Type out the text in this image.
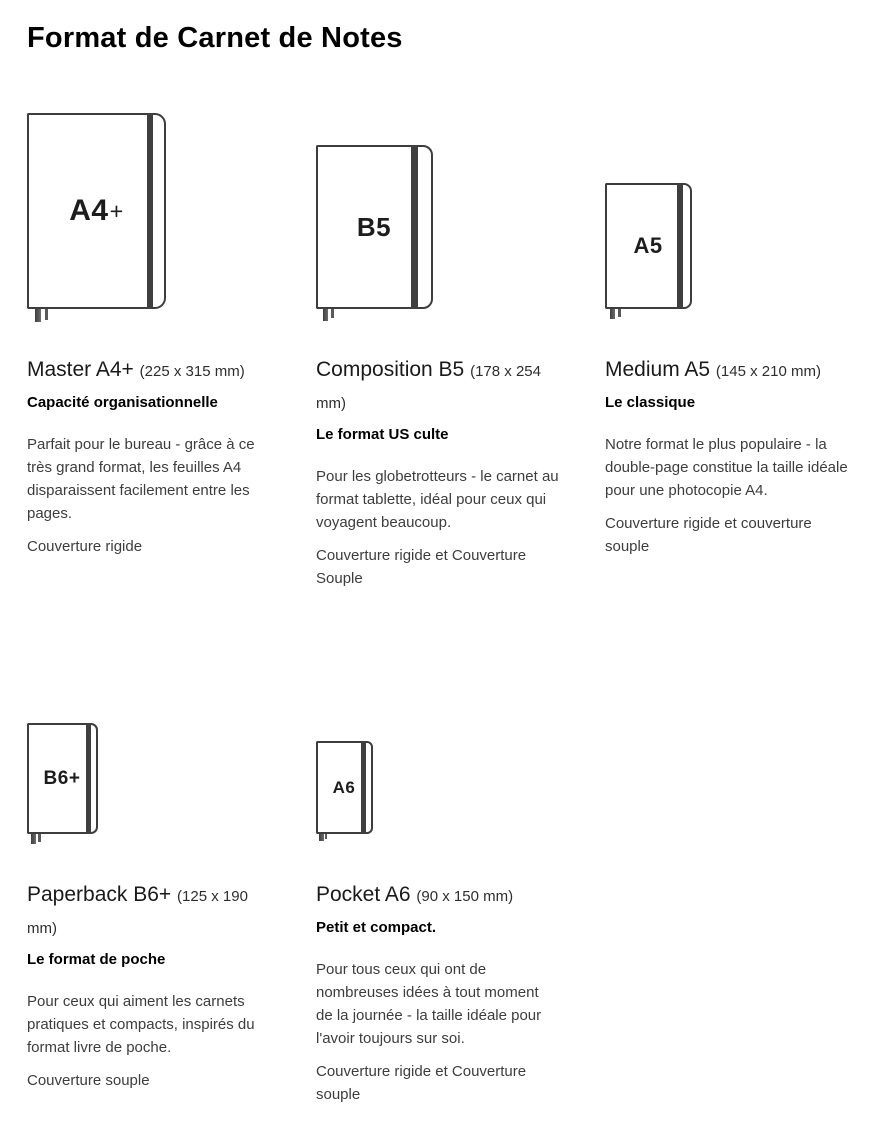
Format de Carnet de Notes
A4 +
Master A4+ (225 x 315 mm)

Capacité organisationnelle

Parfait pour le bureau - grâce à ce très grand format, les feuilles A4 disparaissent facilement entre les pages.

Couverture rigide

B5
Composition B5 (178 x 254 mm)

Le format US culte

Pour les globetrotteurs - le carnet au format tablette, idéal pour ceux qui voyagent beaucoup.

Couverture rigide et Couverture Souple

A5
Medium A5 (145 x 210 mm)

Le classique

Notre format le plus populaire - la double-page constitue la taille idéale pour une photocopie A4.

Couverture rigide et couverture souple

B6+
Paperback B6+ (125 x 190 mm)

Le format de poche

Pour ceux qui aiment les carnets pratiques et compacts, inspirés du format livre de poche.

Couverture souple

A6
Pocket A6 (90 x 150 mm)

Petit et compact.

Pour tous ceux qui ont de nombreuses idées à tout moment de la journée - la taille idéale pour l'avoir toujours sur soi.

Couverture rigide et Couverture souple
